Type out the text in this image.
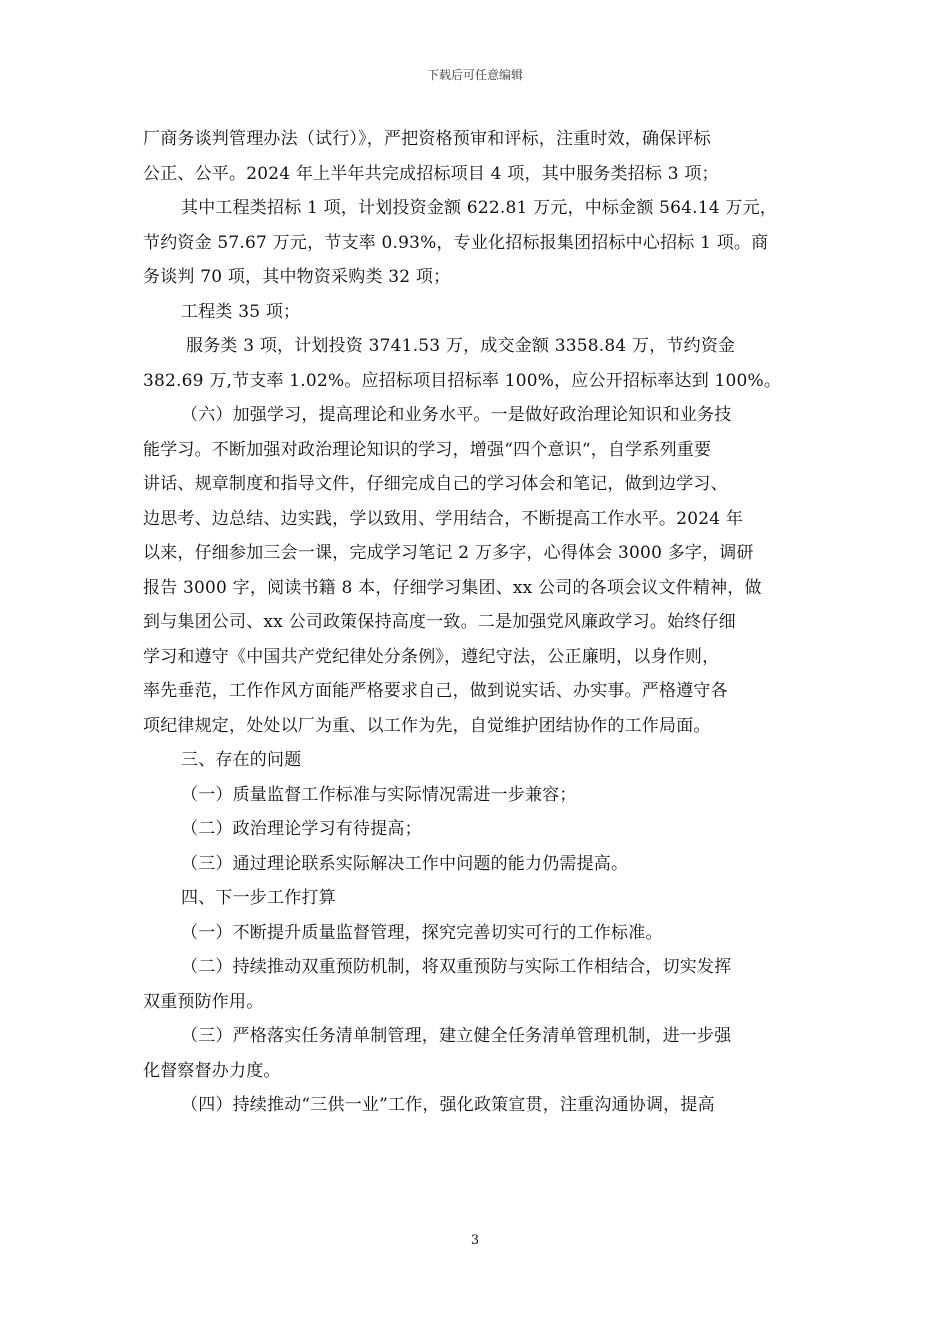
下载后可任意编辑

厂商务谈判管理办法（试行）》，严把资格预审和评标，注重时效，确保评标

公正、公平。2024 年上半年共完成招标项目 4 项，其中服务类招标 3 项；

其中工程类招标 1 项，计划投资金额 622.81 万元，中标金额 564.14 万元，

节约资金 57.67 万元，节支率 0.93%，专业化招标报集团招标中心招标 1 项。商

务谈判 70 项，其中物资采购类 32 项；

工程类 35 项；

服务类 3 项，计划投资 3741.53 万，成交金额 3358.84 万，节约资金

382.69 万,节支率 1.02%。应招标项目招标率 100%，应公开招标率达到 100%。

（六）加强学习，提高理论和业务水平。一是做好政治理论知识和业务技

能学习。不断加强对政治理论知识的学习，增强“四个意识“，自学系列重要

讲话、规章制度和指导文件，仔细完成自己的学习体会和笔记，做到边学习、

边思考、边总结、边实践，学以致用、学用结合，不断提高工作水平。2024 年

以来，仔细参加三会一课，完成学习笔记 2 万多字，心得体会 3000 多字，调研

报告 3000 字，阅读书籍 8 本，仔细学习集团、xx 公司的各项会议文件精神，做

到与集团公司、xx 公司政策保持高度一致。二是加强党风廉政学习。始终仔细

学习和遵守《中国共产党纪律处分条例》，遵纪守法，公正廉明，以身作则，

率先垂范，工作作风方面能严格要求自己，做到说实话、办实事。严格遵守各

项纪律规定，处处以厂为重、以工作为先，自觉维护团结协作的工作局面。

三、存在的问题

（一）质量监督工作标准与实际情况需进一步兼容；

（二）政治理论学习有待提高；

（三）通过理论联系实际解决工作中问题的能力仍需提高。

四、下一步工作打算

（一）不断提升质量监督管理，探究完善切实可行的工作标准。

（二）持续推动双重预防机制，将双重预防与实际工作相结合，切实发挥

双重预防作用。

（三）严格落实任务清单制管理，建立健全任务清单管理机制，进一步强

化督察督办力度。

（四）持续推动“三供一业”工作，强化政策宣贯，注重沟通协调，提高

3
